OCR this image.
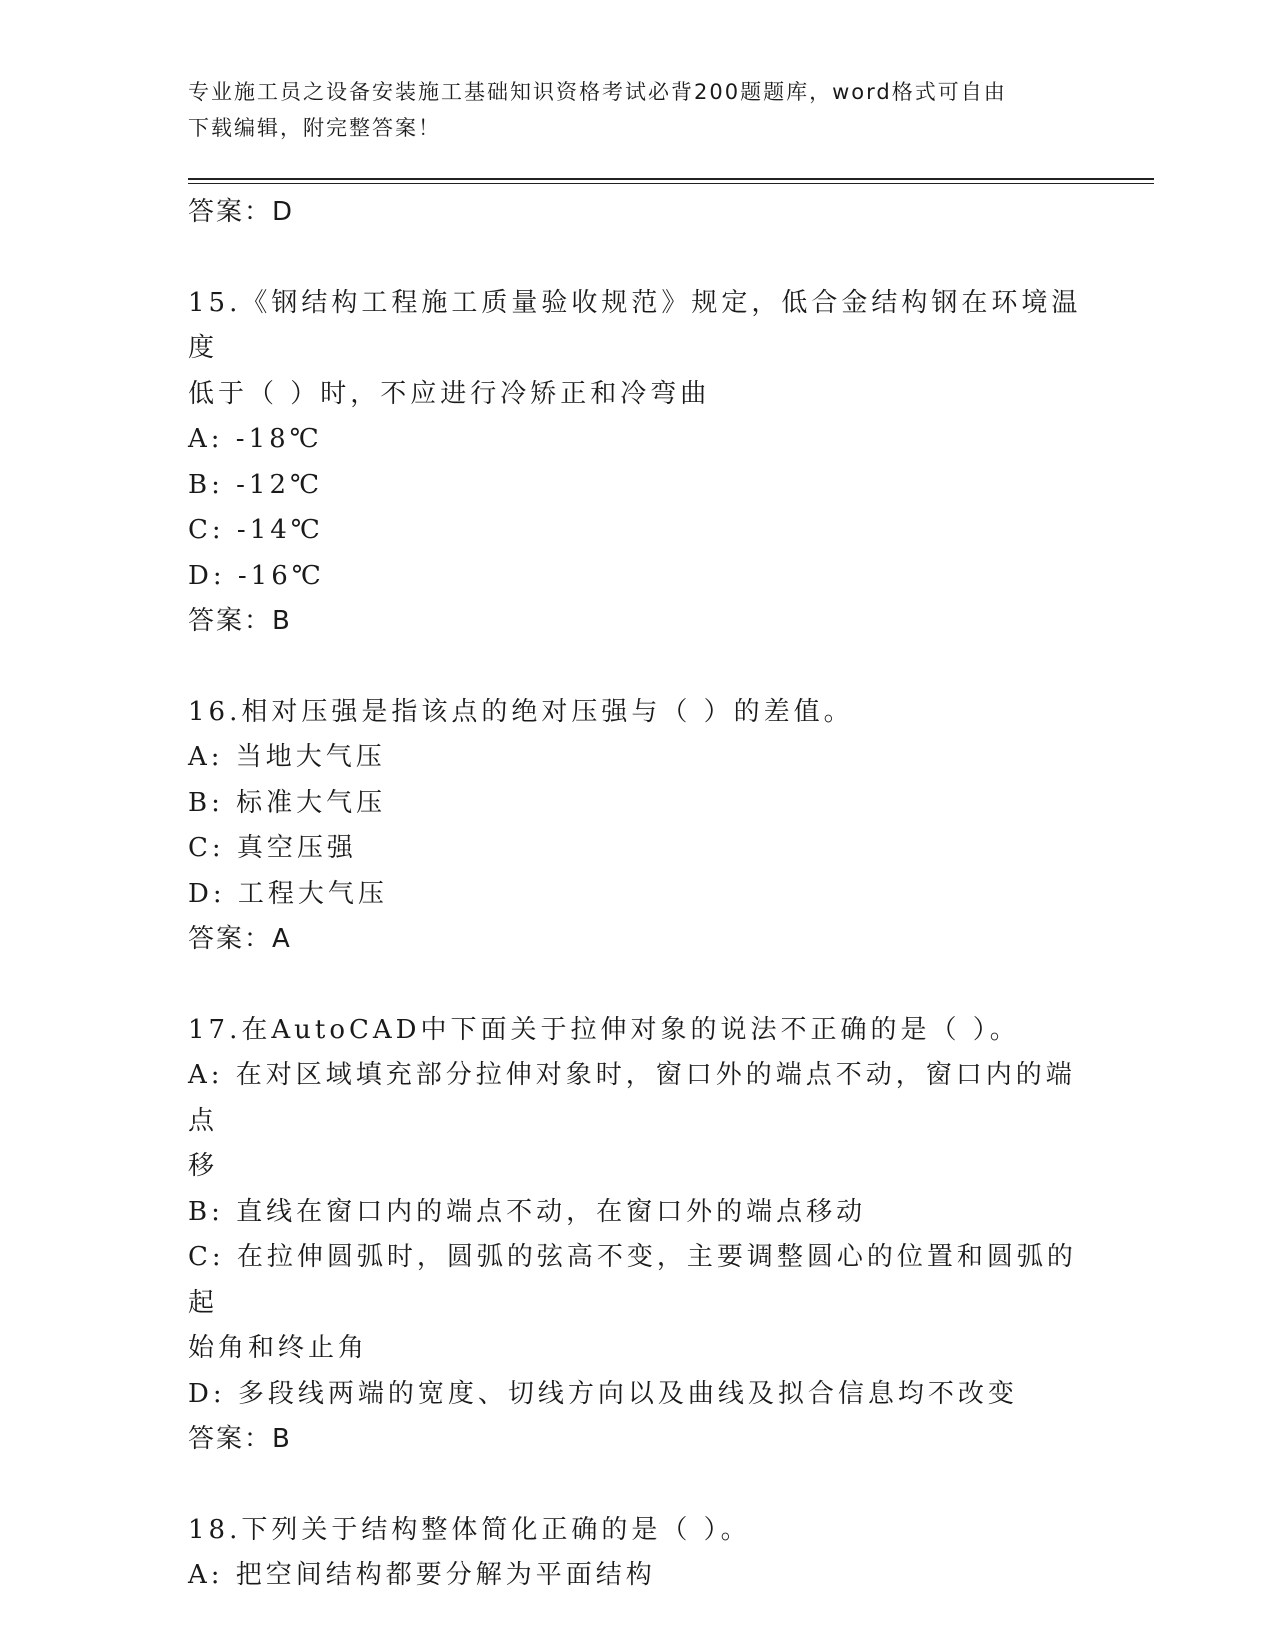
专业施工员之设备安装施工基础知识资格考试必背200题题库，word格式可自由
下载编辑，附完整答案！
答案：D
15.《钢结构工程施工质量验收规范》规定，低合金结构钢在环境温度
低于（ ）时，不应进行冷矫正和冷弯曲
A: -18℃
B: -12℃
C: -14℃
D: -16℃
答案：B
16.相对压强是指该点的绝对压强与（ ）的差值。
A: 当地大气压
B: 标准大气压
C: 真空压强
D: 工程大气压
答案：A
17.在AutoCAD中下面关于拉伸对象的说法不正确的是（ ）。
A: 在对区域填充部分拉伸对象时，窗口外的端点不动，窗口内的端点
移
B: 直线在窗口内的端点不动，在窗口外的端点移动
C: 在拉伸圆弧时，圆弧的弦高不变，主要调整圆心的位置和圆弧的起
始角和终止角
D: 多段线两端的宽度、切线方向以及曲线及拟合信息均不改变
答案：B
18.下列关于结构整体简化正确的是（ ）。
A: 把空间结构都要分解为平面结构
